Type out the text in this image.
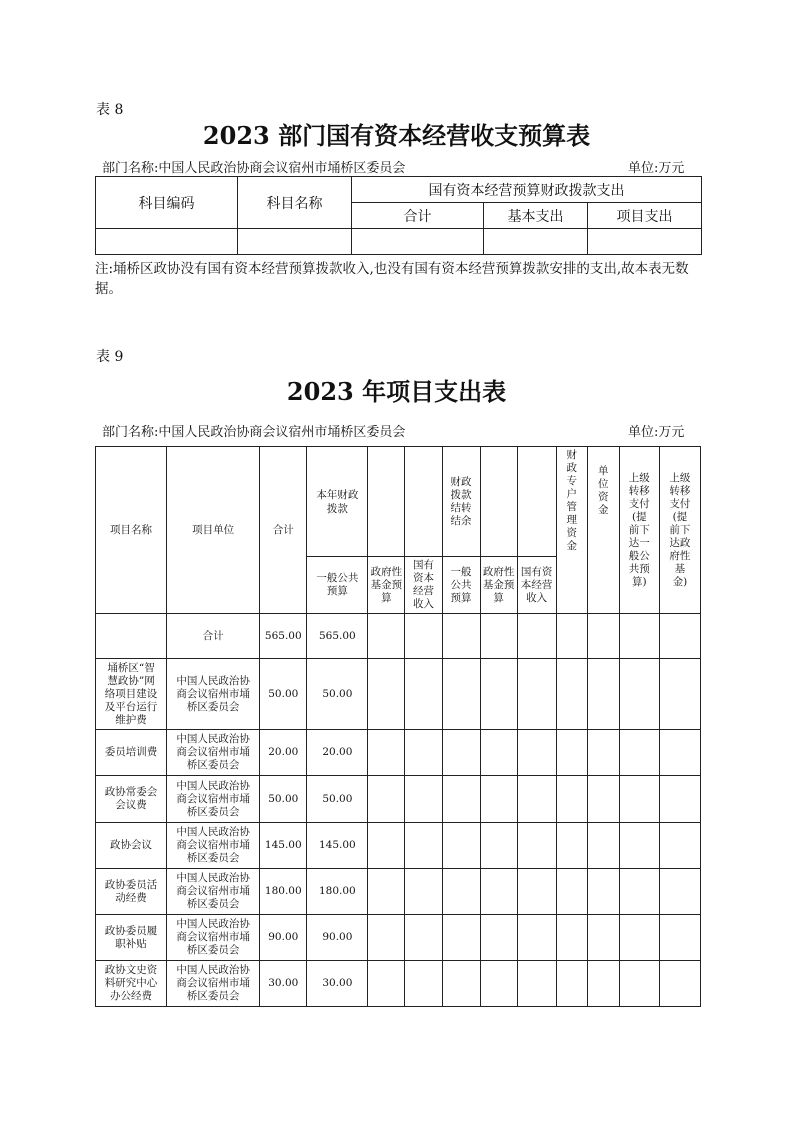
表 8
2023 部门国有资本经营收支预算表
部门名称:中国人民政治协商会议宿州市埇桥区委员会	单位:万元
科目编码	科目名称	国有资本经营预算财政拨款支出		
		合计	基本支出	项目支出

注:埇桥区政协没有国有资本经营预算拨款收入,也没有国有资本经营预算拨款安排的支出,故本表无数据。
表 9
2023 年项目支出表
部门名称:中国人民政治协商会议宿州市埇桥区委员会	单位:万元
项目名称	项目单位	合计	本年财政拨款			财政拨款结转结余			财政专户管理资金	单位资金	上级转移支付(提前下达一般公共预算)	上级转移支付(提前下达政府性基金)

			一般公共预算	政府性基金预算	国有资本经营收入	一般公共预算	政府性基金预算	国有资本经营收入				

	合计	565.00	565.00									

埇桥区“智慧政协”网络项目建设及平台运行维护费	中国人民政治协商会议宿州市埇桥区委员会	50.00	50.00									

委员培训费	中国人民政治协商会议宿州市埇桥区委员会	20.00	20.00									

政协常委会会议费	中国人民政治协商会议宿州市埇桥区委员会	50.00	50.00									

政协会议	中国人民政治协商会议宿州市埇桥区委员会	145.00	145.00									

政协委员活动经费	中国人民政治协商会议宿州市埇桥区委员会	180.00	180.00									

政协委员履职补贴	中国人民政治协商会议宿州市埇桥区委员会	90.00	90.00									

政协文史资料研究中心办公经费	中国人民政治协商会议宿州市埇桥区委员会	30.00	30.00									
